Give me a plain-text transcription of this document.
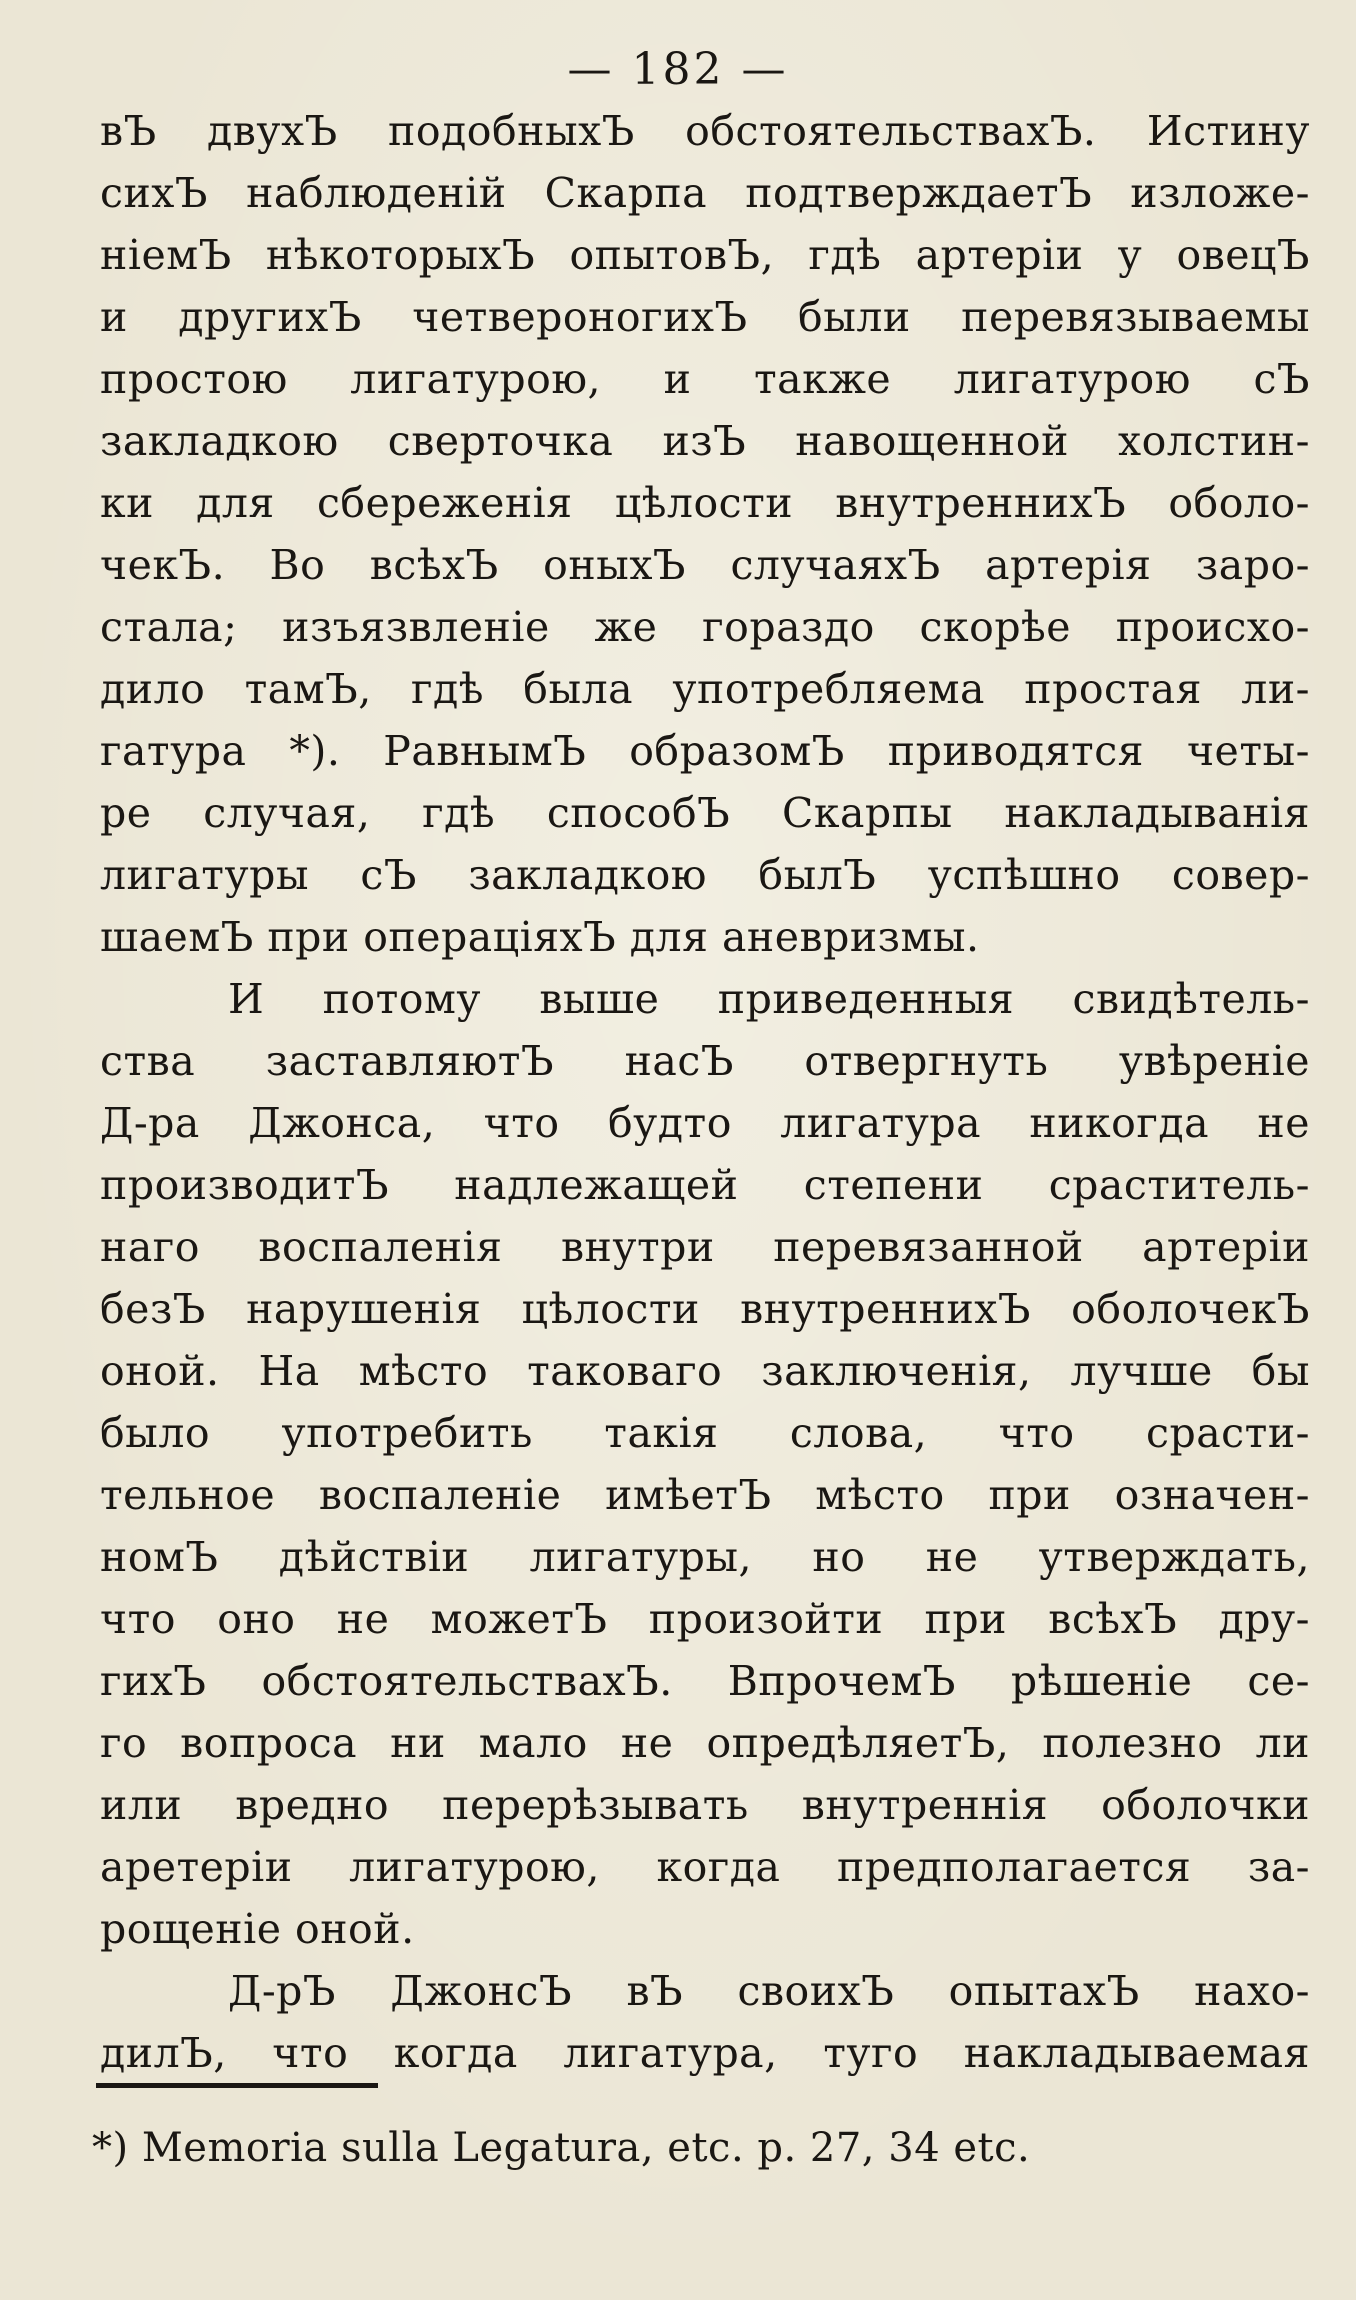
— 182 —
вЪ двухЪ подобныхЪ обстоятельствахЪ. Истину
сихЪ наблюденій Скарпа подтверждаетЪ изложе-
ніемЪ нѣкоторыхЪ опытовЪ, гдѣ артеріи у овецЪ
и другихЪ четвероногихЪ были перевязываемы
простою лигатурою, и также лигатурою сЪ
закладкою сверточка изЪ навощенной холстин-
ки для сбереженія цѣлости внутреннихЪ оболо-
чекЪ. Во всѣхЪ оныхЪ случаяхЪ артерія заро-
стала; изъязвленіе же гораздо скорѣе происхо-
дило тамЪ, гдѣ была употребляема простая ли-
гатура *). РавнымЪ образомЪ приводятся четы-
ре случая, гдѣ способЪ Скарпы накладыванія
лигатуры сЪ закладкою былЪ успѣшно совер-
шаемЪ при операціяхЪ для аневризмы.
И потому выше приведенныя свидѣтель-
ства заставляютЪ насЪ отвергнуть увѣреніе
Д-ра Джонса, что будто лигатура никогда не
производитЪ надлежащей степени сраститель-
наго воспаленія внутри перевязанной артеріи
безЪ нарушенія цѣлости внутреннихЪ оболочекЪ
оной. На мѣсто таковаго заключенія, лучше бы
было употребить такія слова, что срасти-
тельное воспаленіе имѣетЪ мѣсто при означен-
номЪ дѣйствіи лигатуры, но не утверждать,
что оно не можетЪ произойти при всѣхЪ дру-
гихЪ обстоятельствахЪ. ВпрочемЪ рѣшеніе се-
го вопроса ни мало не опредѣляетЪ, полезно ли
или вредно перерѣзывать внутреннія оболочки
аретеріи лигатурою, когда предполагается за-
рощеніе оной.
Д-рЪ ДжонсЪ вЪ своихЪ опытахЪ нахо-
дилЪ, что когда лигатура, туго накладываемая
*) Memoria sulla Legatura, etc. p. 27, 34 etc.
